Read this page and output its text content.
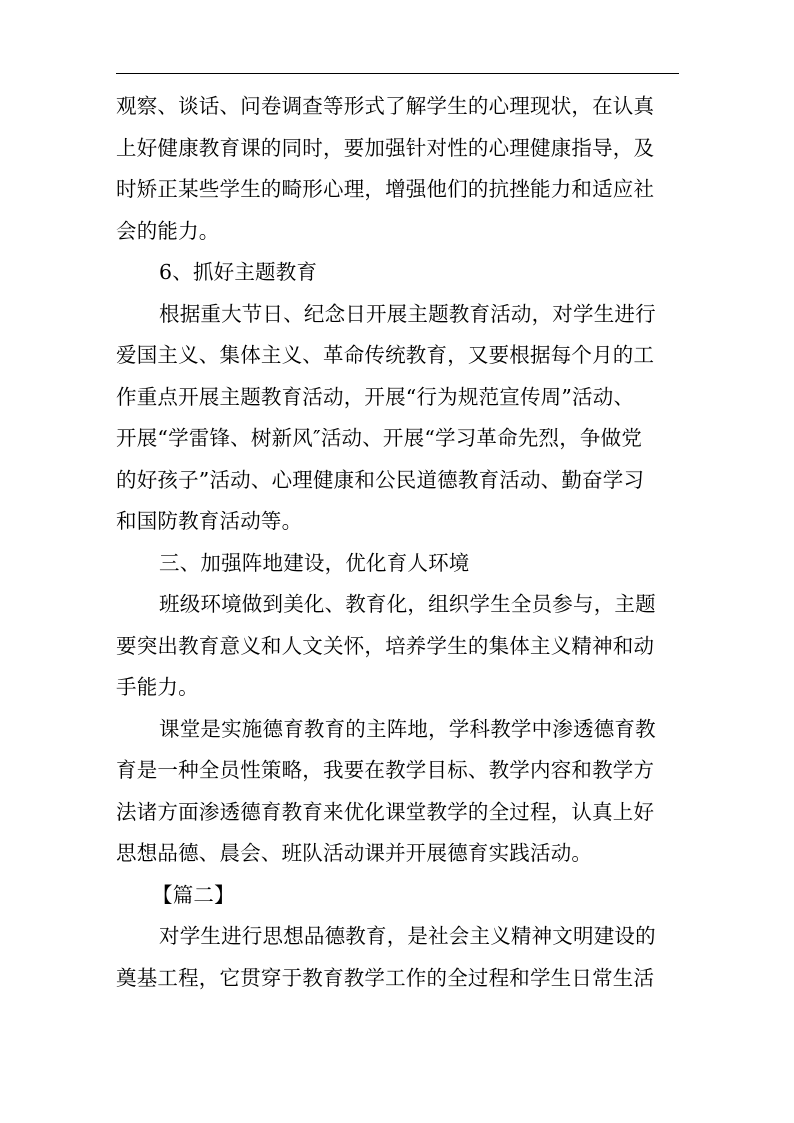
观察、谈话、问卷调查等形式了解学生的心理现状，在认真
上好健康教育课的同时，要加强针对性的心理健康指导，及
时矫正某些学生的畸形心理，增强他们的抗挫能力和适应社
会的能力。
6、抓好主题教育
根据重大节日、纪念日开展主题教育活动，对学生进行
爱国主义、集体主义、革命传统教育，又要根据每个月的工
作重点开展主题教育活动，开展“行为规范宣传周”活动、
开展“学雷锋、树新风″活动、开展“学习革命先烈，争做党
的好孩子”活动、心理健康和公民道德教育活动、勤奋学习
和国防教育活动等。
三、加强阵地建设，优化育人环境
班级环境做到美化、教育化，组织学生全员参与，主题
要突出教育意义和人文关怀，培养学生的集体主义精神和动
手能力。
课堂是实施德育教育的主阵地，学科教学中渗透德育教
育是一种全员性策略，我要在教学目标、教学内容和教学方
法诸方面渗透德育教育来优化课堂教学的全过程，认真上好
思想品德、晨会、班队活动课并开展德育实践活动。
【篇二】
对学生进行思想品德教育，是社会主义精神文明建设的
奠基工程，它贯穿于教育教学工作的全过程和学生日常生活
